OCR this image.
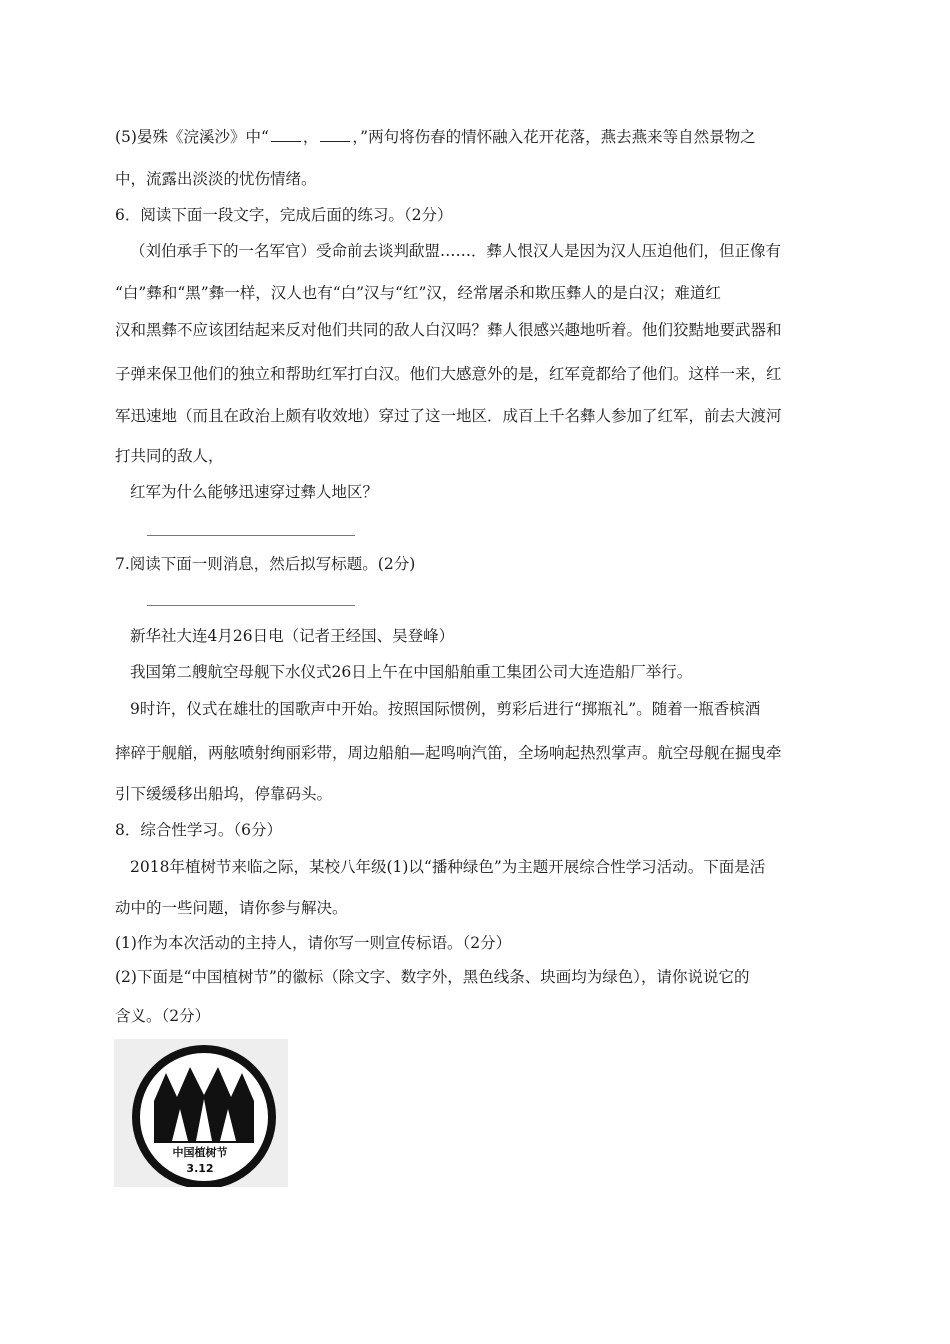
(5)晏殊《浣溪沙》中“ ， ，”两句将伤春的情怀融入花开花落，燕去燕来等自然景物之
中，流露出淡淡的忧伤情绪。
6．阅读下面一段文字，完成后面的练习。（2分）
（刘伯承手下的一名军官）受命前去谈判歃盟……．彝人恨汉人是因为汉人压迫他们，但正像有
“白”彝和“黑”彝一样，汉人也有“白”汉与“红”汉，经常屠杀和欺压彝人的是白汉；难道红
汉和黑彝不应该团结起来反对他们共同的敌人白汉吗？彝人很感兴趣地听着。他们狡黠地要武器和
子弹来保卫他们的独立和帮助红军打白汉。他们大感意外的是，红军竟都给了他们。这样一来，红
军迅速地（而且在政治上颇有收效地）穿过了这一地区．成百上千名彝人参加了红军，前去大渡河
打共同的敌人，
红军为什么能够迅速穿过彝人地区？
7.阅读下面一则消息，然后拟写标题。(2分)
新华社大连4月26日电（记者王经国、吴登峰）
我国第二艘航空母舰下水仪式26日上午在中国船舶重工集团公司大连造船厂举行。
9时许，仪式在雄壮的国歌声中开始。按照国际惯例，剪彩后进行“掷瓶礼”。随着一瓶香槟酒
摔碎于舰艏，两舷喷射绚丽彩带，周边船舶—起鸣响汽笛，全场响起热烈掌声。航空母舰在掘曳牵
引下缓缓移出船坞，停靠码头。
8．综合性学习。（6分）
2018年植树节来临之际，某校八年级(1)以“播种绿色”为主题开展综合性学习活动。下面是活
动中的一些问题，请你参与解决。
(1)作为本次活动的主持人，请你写一则宣传标语。（2分）
(2)下面是“中国植树节”的徽标（除文字、数字外，黑色线条、块画均为绿色），请你说说它的
含义。（2分）
中国植树节
3.12
